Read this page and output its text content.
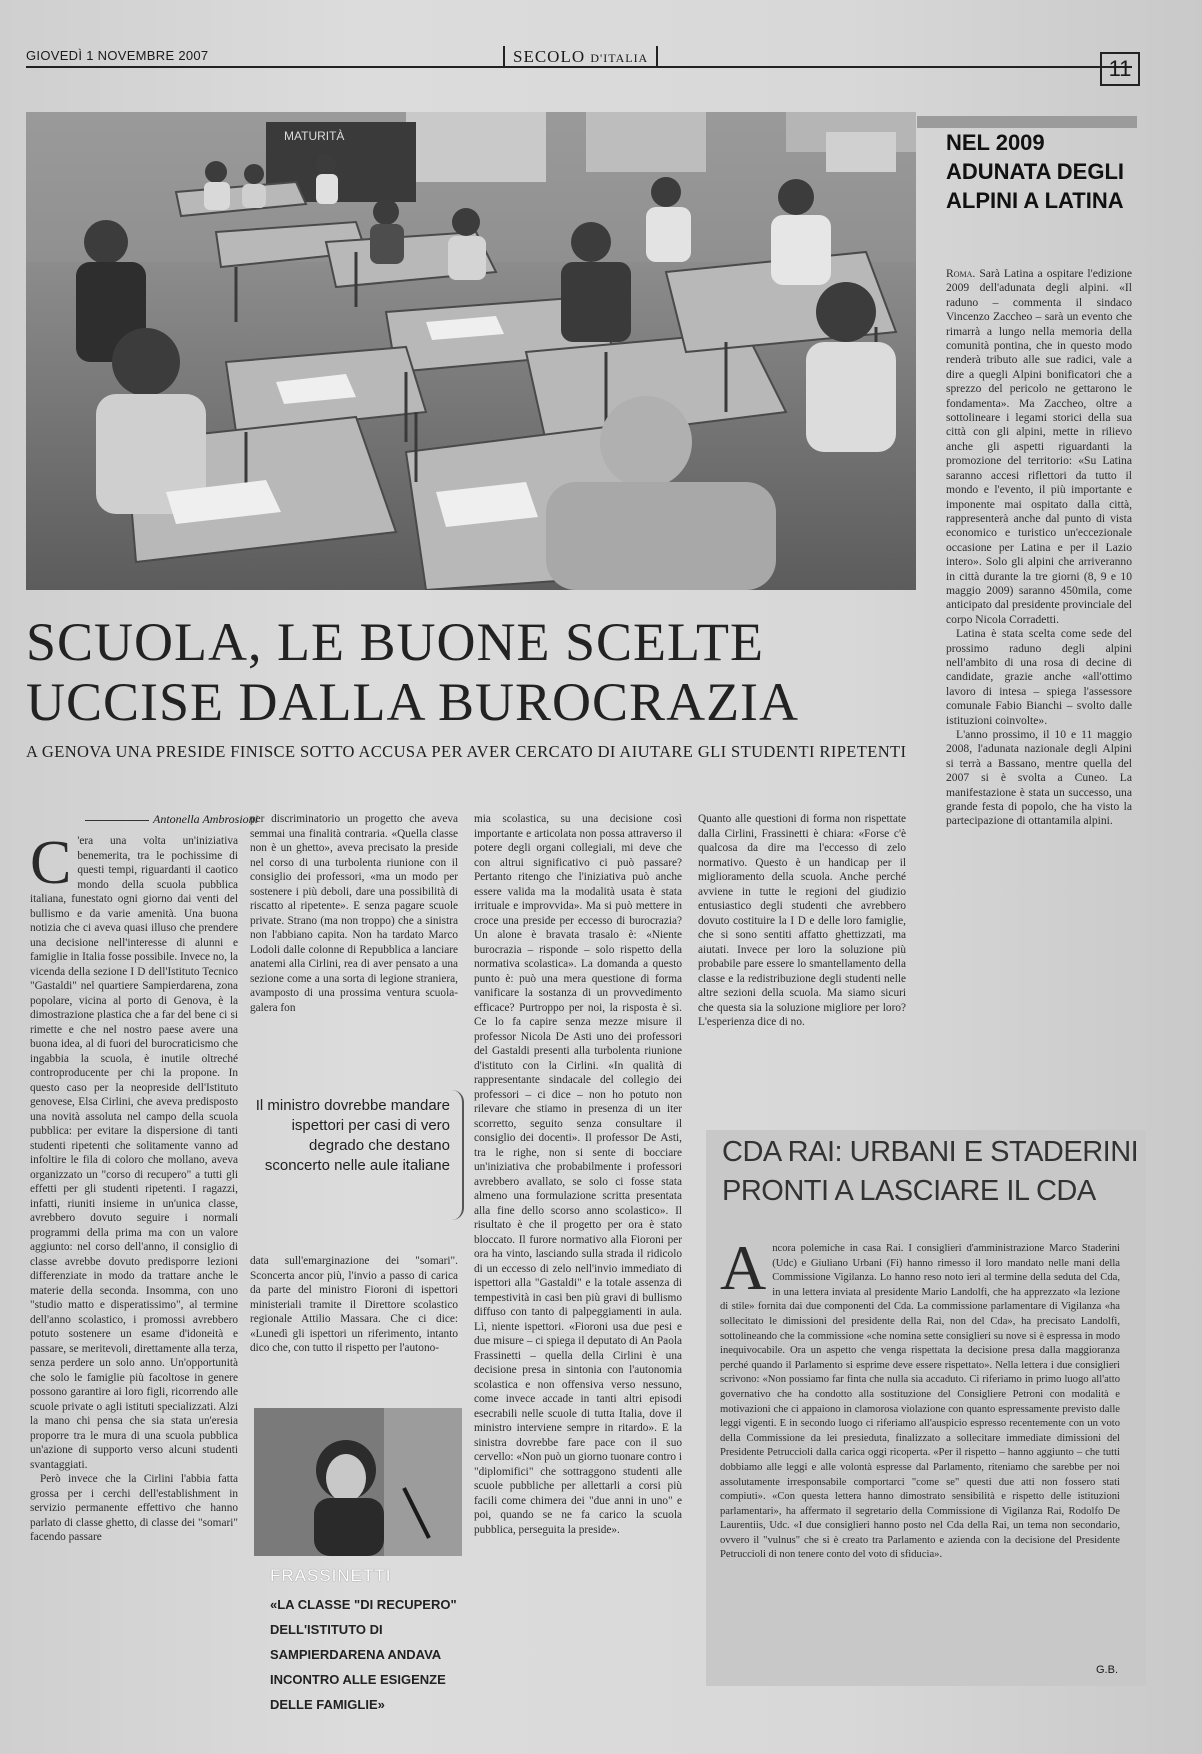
GIOVEDÌ 1 NOVEMBRE 2007	SECOLO D'ITALIA	11
MATURITÀ
SCUOLA, LE BUONE SCELTE
UCCISE DALLA BUROCRAZIA
A GENOVA UNA PRESIDE FINISCE SOTTO ACCUSA PER AVER CERCATO DI AIUTARE GLI STUDENTI RIPETENTI
Antonella Ambrosioni
C 'era una volta un'iniziativa benemerita, tra le pochissime di questi tempi, riguardanti il caotico mondo della scuola pubblica italiana, funestato ogni giorno dai venti del bullismo e da varie amenità. Una buona notizia che ci aveva quasi illuso che prendere una decisione nell'interesse di alunni e famiglie in Italia fosse possibile. Invece no, la vicenda della sezione I D dell'Istituto Tecnico "Gastaldi" nel quartiere Sampierdarena, zona popolare, vicina al porto di Genova, è la dimostrazione plastica che a far del bene ci si rimette e che nel nostro paese avere una buona idea, al di fuori del burocraticismo che ingabbia la scuola, è inutile oltreché controproducente per chi la propone. In questo caso per la neopreside dell'Istituto genovese, Elsa Cirlini, che aveva predisposto una novità assoluta nel campo della scuola pubblica: per evitare la dispersione di tanti studenti ripetenti che solitamente vanno ad infoltire le fila di coloro che mollano, aveva organizzato un "corso di recupero" a tutti gli effetti per gli studenti ripetenti. I ragazzi, infatti, riuniti insieme in un'unica classe, avrebbero dovuto seguire i normali programmi della prima ma con un valore aggiunto: nel corso dell'anno, il consiglio di classe avrebbe dovuto predisporre lezioni differenziate in modo da trattare anche le materie della seconda. Insomma, con uno "studio matto e disperatissimo", al termine dell'anno scolastico, i promossi avrebbero potuto sostenere un esame d'idoneità e passare, se meritevoli, direttamente alla terza, senza perdere un solo anno. Un'opportunità che solo le famiglie più facoltose in genere possono garantire ai loro figli, ricorrendo alle scuole private o agli istituti specializzati. Alzi la mano chi pensa che sia stata un'eresia proporre tra le mura di una scuola pubblica un'azione di supporto verso alcuni studenti svantaggiati.

Però invece che la Cirlini l'abbia fatta grossa per i cerchi dell'establishment in servizio permanente effettivo che hanno parlato di classe ghetto, di classe dei "somari" facendo passare

per discriminatorio un progetto che aveva semmai una finalità contraria. «Quella classe non è un ghetto», aveva precisato la preside nel corso di una turbolenta riunione con il consiglio dei professori, «ma un modo per sostenere i più deboli, dare una possibilità di riscatto al ripetente». E senza pagare scuole private. Strano (ma non troppo) che a sinistra non l'abbiano capita. Non ha tardato Marco Lodoli dalle colonne di Repubblica a lanciare anatemi alla Cirlini, rea di aver pensato a una sezione come a una sorta di legione straniera, avamposto di una prossima ventura scuola-galera fon
Il ministro dovrebbe mandare ispettori per casi di vero degrado che destano sconcerto nelle aule italiane
data sull'emarginazione dei "somari". Sconcerta ancor più, l'invio a passo di carica da parte del ministro Fioroni di ispettori ministeriali tramite il Direttore scolastico regionale Attilio Massara. Che ci dice: «Lunedì gli ispettori un riferimento, intanto dico che, con tutto il rispetto per l'autono-
FRASSINETTI
«LA CLASSE "DI RECUPERO" DELL'ISTITUTO DI SAMPIERDARENA ANDAVA INCONTRO ALLE ESIGENZE DELLE FAMIGLIE»
mia scolastica, su una decisione così importante e articolata non possa attraverso il potere degli organi collegiali, mi deve che con altrui significativo ci può passare? Pertanto ritengo che l'iniziativa può anche essere valida ma la modalità usata è stata irrituale e improvvida». Ma si può mettere in croce una preside per eccesso di burocrazia? Un alone è bravata trasalo è: «Niente burocrazia – risponde – solo rispetto della normativa scolastica». La domanda a questo punto è: può una mera questione di forma vanificare la sostanza di un provvedimento efficace? Purtroppo per noi, la risposta è sì. Ce lo fa capire senza mezze misure il professor Nicola De Asti uno dei professori del Gastaldi presenti alla turbolenta riunione d'istituto con la Cirlini. «In qualità di rappresentante sindacale del collegio dei professori – ci dice – non ho potuto non rilevare che stiamo in presenza di un iter scorretto, seguito senza consultare il consiglio dei docenti». Il professor De Asti, tra le righe, non si sente di bocciare un'iniziativa che probabilmente i professori avrebbero avallato, se solo ci fosse stata almeno una formulazione scritta presentata alla fine dello scorso anno scolastico». Il risultato è che il progetto per ora è stato bloccato. Il furore normativo alla Fioroni per ora ha vinto, lasciando sulla strada il ridicolo di un eccesso di zelo nell'invio immediato di ispettori alla "Gastaldi" e la totale assenza di tempestività in casi ben più gravi di bullismo diffuso con tanto di palpeggiamenti in aula. Lì, niente ispettori. «Fioroni usa due pesi e due misure – ci spiega il deputato di An Paola Frassinetti – quella della Cirlini è una decisione presa in sintonia con l'autonomia scolastica e non offensiva verso nessuno, come invece accade in tanti altri episodi esecrabili nelle scuole di tutta Italia, dove il ministro interviene sempre in ritardo». E la sinistra dovrebbe fare pace con il suo cervello: «Non può un giorno tuonare contro i "diplomifici" che sottraggono studenti alle scuole pubbliche per allettarli a corsi più facili come chimera dei "due anni in uno" e poi, quando se ne fa carico la scuola pubblica, perseguita la preside».
Quanto alle questioni di forma non rispettate dalla Cirlini, Frassinetti è chiara: «Forse c'è qualcosa da dire ma l'eccesso di zelo normativo. Questo è un handicap per il miglioramento della scuola. Anche perché avviene in tutte le regioni del giudizio entusiastico degli studenti che avrebbero dovuto costituire la I D e delle loro famiglie, che si sono sentiti affatto ghettizzati, ma aiutati. Invece per loro la soluzione più probabile pare essere lo smantellamento della classe e la redistribuzione degli studenti nelle altre sezioni della scuola. Ma siamo sicuri che questa sia la soluzione migliore per loro? L'esperienza dice di no.
NEL 2009 ADUNATA DEGLI ALPINI A LATINA

Roma. Sarà Latina a ospitare l'edizione 2009 dell'adunata degli alpini. «Il raduno – commenta il sindaco Vincenzo Zaccheo – sarà un evento che rimarrà a lungo nella memoria della comunità pontina, che in questo modo renderà tributo alle sue radici, vale a dire a quegli Alpini bonificatori che a sprezzo del pericolo ne gettarono le fondamenta». Ma Zaccheo, oltre a sottolineare i legami storici della sua città con gli alpini, mette in rilievo anche gli aspetti riguardanti la promozione del territorio: «Su Latina saranno accesi riflettori da tutto il mondo e l'evento, il più importante e imponente mai ospitato dalla città, rappresenterà anche dal punto di vista economico e turistico un'eccezionale occasione per Latina e per il Lazio intero». Solo gli alpini che arriveranno in città durante la tre giorni (8, 9 e 10 maggio 2009) saranno 450mila, come anticipato dal presidente provinciale del corpo Nicola Corradetti.

Latina è stata scelta come sede del prossimo raduno degli alpini nell'ambito di una rosa di decine di candidate, grazie anche «all'ottimo lavoro di intesa – spiega l'assessore comunale Fabio Bianchi – svolto dalle istituzioni coinvolte».

L'anno prossimo, il 10 e 11 maggio 2008, l'adunata nazionale degli Alpini si terrà a Bassano, mentre quella del 2007 si è svolta a Cuneo. La manifestazione è stata un successo, una grande festa di popolo, che ha visto la partecipazione di ottantamila alpini.

CDA RAI: URBANI E STADERINI PRONTI A LASCIARE IL CDA
A ncora polemiche in casa Rai. I consiglieri d'amministrazione Marco Staderini (Udc) e Giuliano Urbani (Fi) hanno rimesso il loro mandato nelle mani della Commissione Vigilanza. Lo hanno reso noto ieri al termine della seduta del Cda, in una lettera inviata al presidente Mario Landolfi, che ha apprezzato «la lezione di stile» fornita dai due componenti del Cda. La commissione parlamentare di Vigilanza «ha sollecitato le dimissioni del presidente della Rai, non del Cda», ha precisato Landolfi, sottolineando che la commissione «che nomina sette consiglieri su nove si è espressa in modo inequivocabile. Ora un aspetto che venga rispettata la decisione presa dalla maggioranza perché quando il Parlamento si esprime deve essere rispettato». Nella lettera i due consiglieri scrivono: «Non possiamo far finta che nulla sia accaduto. Ci riferiamo in primo luogo all'atto governativo che ha condotto alla sostituzione del Consigliere Petroni con modalità e motivazioni che ci appaiono in clamorosa violazione con quanto espressamente previsto dalle leggi vigenti. E in secondo luogo ci riferiamo all'auspicio espresso recentemente con un voto della Commissione da lei presieduta, finalizzato a sollecitare immediate dimissioni del Presidente Petruccioli dalla carica oggi ricoperta. «Per il rispetto – hanno aggiunto – che tutti dobbiamo alle leggi e alle volontà espresse dal Parlamento, riteniamo che sarebbe per noi assolutamente irresponsabile comportarci "come se" questi due atti non fossero stati compiuti». «Con questa lettera hanno dimostrato sensibilità e rispetto delle istituzioni parlamentari», ha affermato il segretario della Commissione di Vigilanza Rai, Rodolfo De Laurentiis, Udc. «I due consiglieri hanno posto nel Cda della Rai, un tema non secondario, ovvero il "vulnus" che si è creato tra Parlamento e azienda con la decisione del Presidente Petruccioli di non tenere conto del voto di sfiducia».
G.B.
